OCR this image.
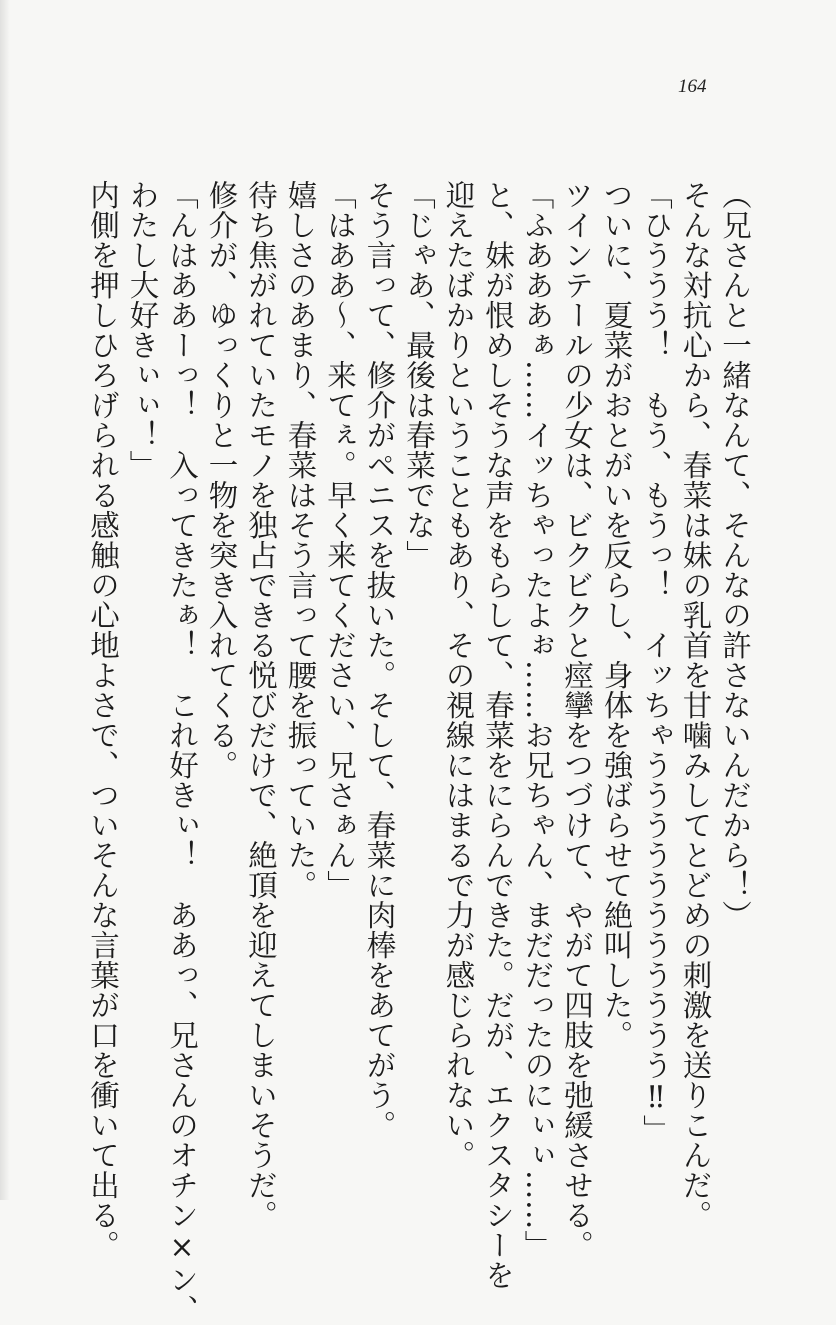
164

（兄さんと一緒なんて、そんなの許さないんだから！）

そんな対抗心から、春菜は妹の乳首を甘噛みしてとどめの刺激を送りこんだ。

「ひううう！　もう、もうっ！　イッちゃううううううううううう‼」

ついに、夏菜がおとがいを反らし、身体を強ばらせて絶叫した。

ツインテールの少女は、ビクビクと痙攣をつづけて、やがて四肢を弛緩させる。

「ふあああぁ……イッちゃったよぉ……お兄ちゃん、まだだったのにぃぃ……」

と、妹が恨めしそうな声をもらして、春菜をにらんできた。だが、エクスタシーを

迎えたばかりということもあり、その視線にはまるで力が感じられない。

「じゃあ、最後は春菜でな」

そう言って、修介がペニスを抜いた。そして、春菜に肉棒をあてがう。

「はああ〜、来てぇ。早く来てください、兄さぁん」

嬉しさのあまり、春菜はそう言って腰を振っていた。

待ち焦がれていたモノを独占できる悦びだけで、絶頂を迎えてしまいそうだ。

修介が、ゆっくりと一物を突き入れてくる。

「んはああーっ！　入ってきたぁ！　これ好きぃ！　ああっ、兄さんのオチン×ン、

わたし大好きぃぃ！」

内側を押しひろげられる感触の心地よさで、ついそんな言葉が口を衝いて出る。
